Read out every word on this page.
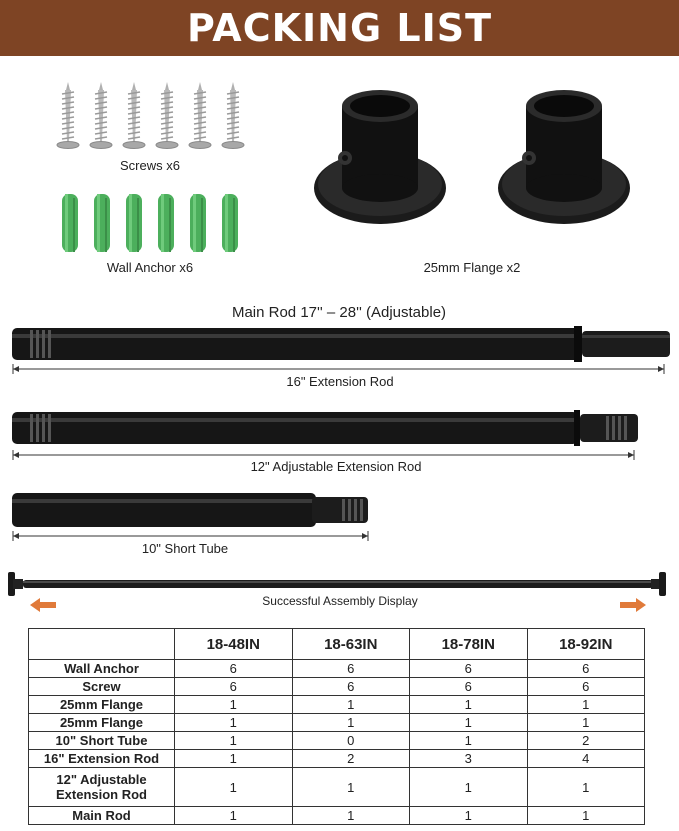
PACKING LIST
Screws x6
Wall Anchor x6	25mm Flange x2
Main Rod 17'' – 28'' (Adjustable)
16" Extension Rod
12" Adjustable Extension Rod
10" Short Tube
Successful Assembly Display
	18-48IN	18-63IN	18-78IN	18-92IN
Wall Anchor	6	6	6	6
Screw	6	6	6	6
25mm Flange	1	1	1	1
25mm Flange	1	1	1	1
10" Short Tube	1	0	1	2
16" Extension Rod	1	2	3	4
12" Adjustable Extension Rod	1	1	1	1
Main Rod	1	1	1	1
